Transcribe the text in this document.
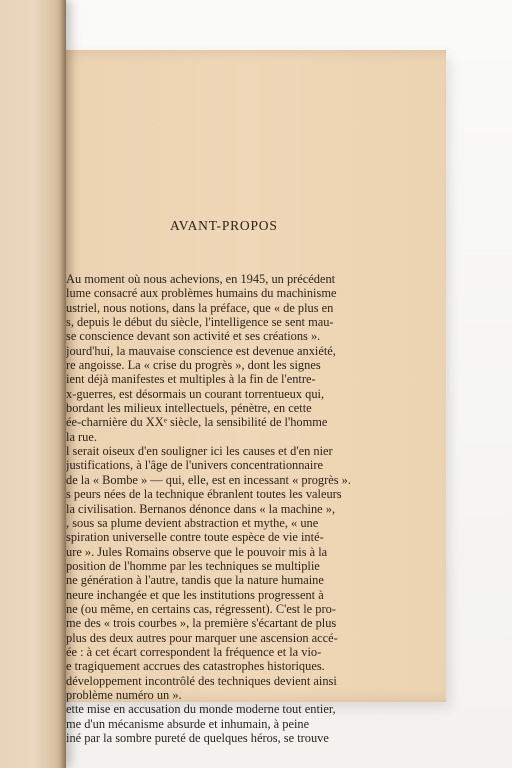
AVANT-PROPOS
Au moment où nous achevions, en 1945, un précédent
lume consacré aux problèmes humains du machinisme
ustriel, nous notions, dans la préface, que « de plus en
s, depuis le début du siècle, l'intelligence se sent mau-
se conscience devant son activité et ses créations ».
jourd'hui, la mauvaise conscience est devenue anxiété,
re angoisse. La « crise du progrès », dont les signes
ient déjà manifestes et multiples à la fin de l'entre-
x-guerres, est désormais un courant torrentueux qui,
bordant les milieux intellectuels, pénètre, en cette
ée-charnière du XXᵉ siècle, la sensibilité de l'homme
la rue.
l serait oiseux d'en souligner ici les causes et d'en nier
justifications, à l'âge de l'univers concentrationnaire
de la « Bombe » — qui, elle, est en incessant « progrès ».
s peurs nées de la technique ébranlent toutes les valeurs
la civilisation. Bernanos dénonce dans « la machine »,
, sous sa plume devient abstraction et mythe, « une
spiration universelle contre toute espèce de vie inté-
ure ». Jules Romains observe que le pouvoir mis à la
position de l'homme par les techniques se multiplie
ne génération à l'autre, tandis que la nature humaine
neure inchangée et que les institutions progressent à
ne (ou même, en certains cas, régressent). C'est le pro-
me des « trois courbes », la première s'écartant de plus
plus des deux autres pour marquer une ascension accé-
ée : à cet écart correspondent la fréquence et la vio-
e tragiquement accrues des catastrophes historiques.
développement incontrôlé des techniques devient ainsi
problème numéro un ».
ette mise en accusation du monde moderne tout entier,
me d'un mécanisme absurde et inhumain, à peine
iné par la sombre pureté de quelques héros, se trouve
